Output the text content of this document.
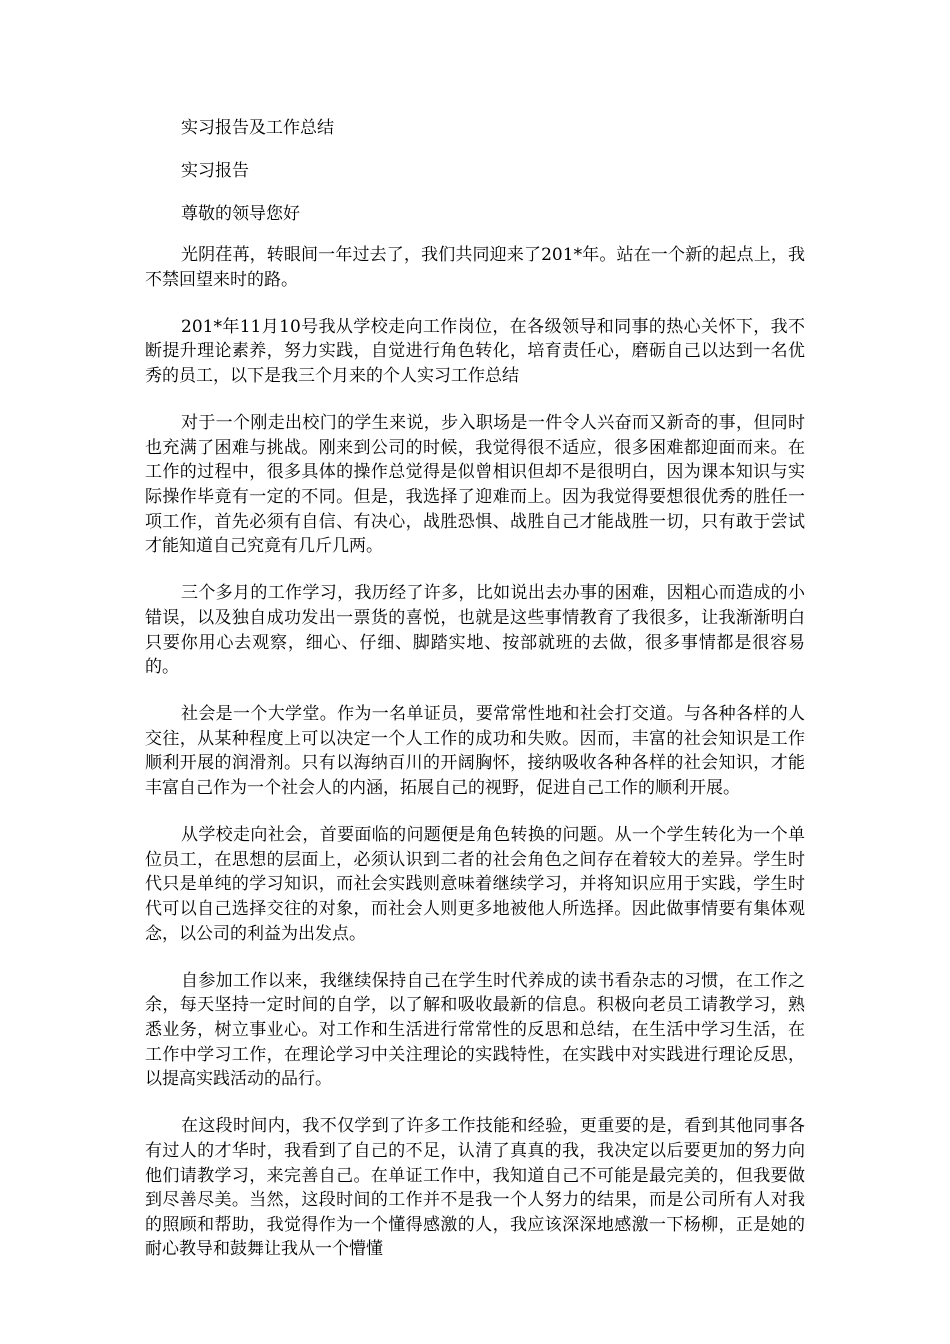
实习报告及工作总结

实习报告

尊敬的领导您好

光阴荏苒，转眼间一年过去了，我们共同迎来了201*年。站在一个新的起点上，我不禁回望来时的路。

201*年11月10号我从学校走向工作岗位，在各级领导和同事的热心关怀下，我不断提升理论素养，努力实践，自觉进行角色转化，培育责任心，磨砺自己以达到一名优秀的员工，以下是我三个月来的个人实习工作总结

对于一个刚走出校门的学生来说，步入职场是一件令人兴奋而又新奇的事，但同时也充满了困难与挑战。刚来到公司的时候，我觉得很不适应，很多困难都迎面而来。在工作的过程中，很多具体的操作总觉得是似曾相识但却不是很明白，因为课本知识与实际操作毕竟有一定的不同。但是，我选择了迎难而上。因为我觉得要想很优秀的胜任一项工作，首先必须有自信、有决心，战胜恐惧、战胜自己才能战胜一切，只有敢于尝试才能知道自己究竟有几斤几两。

三个多月的工作学习，我历经了许多，比如说出去办事的困难，因粗心而造成的小错误，以及独自成功发出一票货的喜悦，也就是这些事情教育了我很多，让我渐渐明白只要你用心去观察，细心、仔细、脚踏实地、按部就班的去做，很多事情都是很容易的。

社会是一个大学堂。作为一名单证员，要常常性地和社会打交道。与各种各样的人交往，从某种程度上可以决定一个人工作的成功和失败。因而，丰富的社会知识是工作顺利开展的润滑剂。只有以海纳百川的开阔胸怀，接纳吸收各种各样的社会知识，才能丰富自己作为一个社会人的内涵，拓展自己的视野，促进自己工作的顺利开展。

从学校走向社会，首要面临的问题便是角色转换的问题。从一个学生转化为一个单位员工，在思想的层面上，必须认识到二者的社会角色之间存在着较大的差异。学生时代只是单纯的学习知识，而社会实践则意味着继续学习，并将知识应用于实践，学生时代可以自己选择交往的对象，而社会人则更多地被他人所选择。因此做事情要有集体观念，以公司的利益为出发点。

自参加工作以来，我继续保持自己在学生时代养成的读书看杂志的习惯，在工作之余，每天坚持一定时间的自学，以了解和吸收最新的信息。积极向老员工请教学习，熟悉业务，树立事业心。对工作和生活进行常常性的反思和总结，在生活中学习生活，在工作中学习工作，在理论学习中关注理论的实践特性，在实践中对实践进行理论反思，以提高实践活动的品行。

在这段时间内，我不仅学到了许多工作技能和经验，更重要的是，看到其他同事各有过人的才华时，我看到了自己的不足，认清了真真的我，我决定以后要更加的努力向他们请教学习，来完善自己。在单证工作中，我知道自己不可能是最完美的，但我要做到尽善尽美。当然，这段时间的工作并不是我一个人努力的结果，而是公司所有人对我的照顾和帮助，我觉得作为一个懂得感激的人，我应该深深地感激一下杨柳，正是她的耐心教导和鼓舞让我从一个懵懂
